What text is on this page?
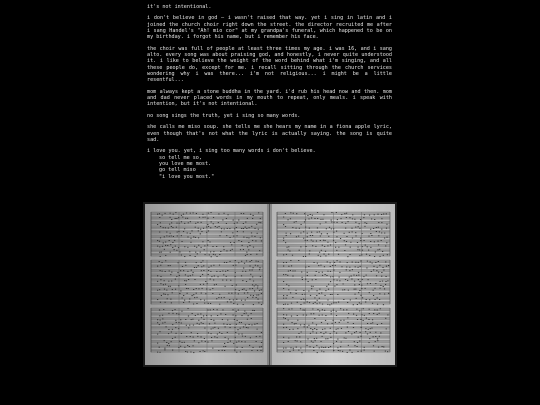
it's not intentional.

i don't believe in god – i wasn't raised that way. yet i sing in latin and i joined the church choir right down the street. the director recruited me after i sang Handel's "Ah! mio cor" at my grandpa's funeral, which happened to be on my birthday. i forgot his name, but i remember his face.

the choir was full of people at least three times my age. i was 16, and i sang alto. every song was about praising god, and honestly, i never quite understood it. i like to believe the weight of the word behind what i'm singing, and all these people do, except for me. i recall sitting through the church services wondering why i was there... i'm not religious... i might be a little resentful...

mom always kept a stone buddha in the yard. i'd rub his head now and then. mom and dad never placed words in my mouth to repeat, only meals. i speak with intention, but it's not intentional.

no song sings the truth, yet i sing so many words.

she calls me miso soup. she tells me she hears my name in a fiona apple lyric, even though that's not what the lyric is actually saying. the song is quite sad.

i love you. yet, i sing too many words i don't believe.
so tell me so,
you love me most.
go tell miso
"i love you most."
